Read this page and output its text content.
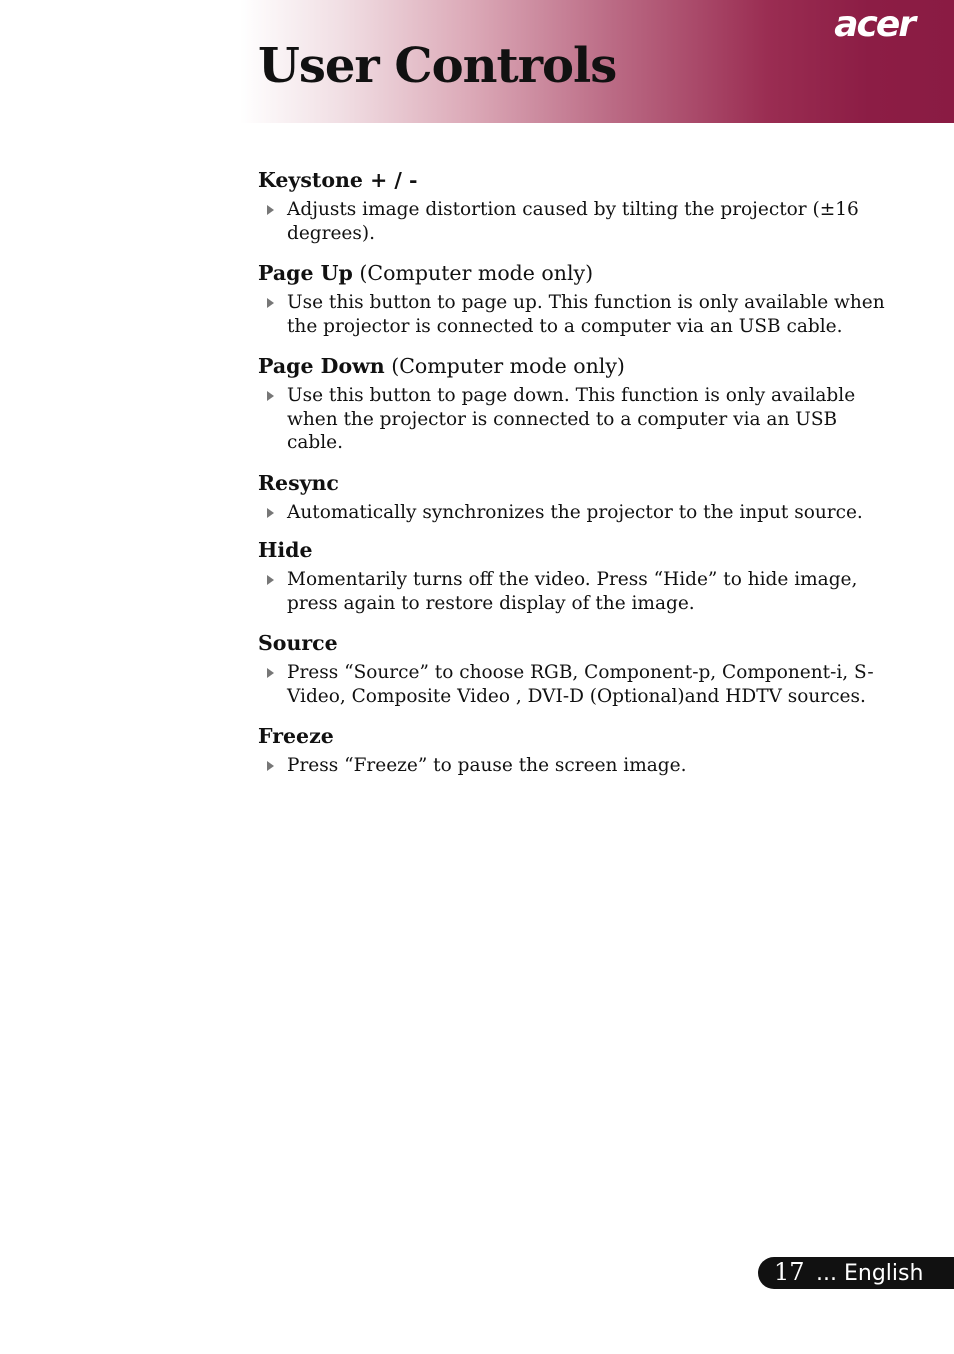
acer
User Controls
Keystone + / -
Adjusts image distortion caused by tilting the projector (±16 degrees).
Page Up (Computer mode only)
Use this button to page up. This function is only available when the projector is connected to a computer via an USB cable.
Page Down (Computer mode only)
Use this button to page down. This function is only available when the projector is connected to a computer via an USB cable.
Resync
Automatically synchronizes the projector to the input source.
Hide
Momentarily turns off the video. Press “Hide” to hide image, press again to restore display of the image.
Source
Press “Source” to choose RGB, Component-p, Component-i, S-Video, Composite Video , DVI-D (Optional)and HDTV sources.
Freeze
Press “Freeze” to pause the screen image.
17 ... English
